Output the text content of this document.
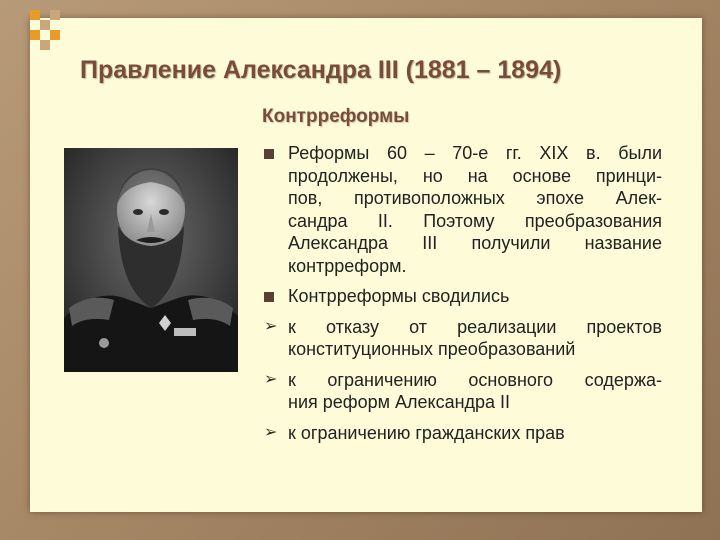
Правление Александра III (1881 – 1894)
Контрреформы
Реформы 60 – 70-е гг. XIX в. были
продолжены, но на основе принци-
пов, противоположных эпохе Алек-
сандра II. Поэтому преобразования
Александра III получили название
контрреформ.
Контрреформы сводились
➢ к отказу от реализации проектов
конституционных преобразований
➢ к ограничению основного содержа-
ния реформ Александра II
➢ к ограничению гражданских прав
